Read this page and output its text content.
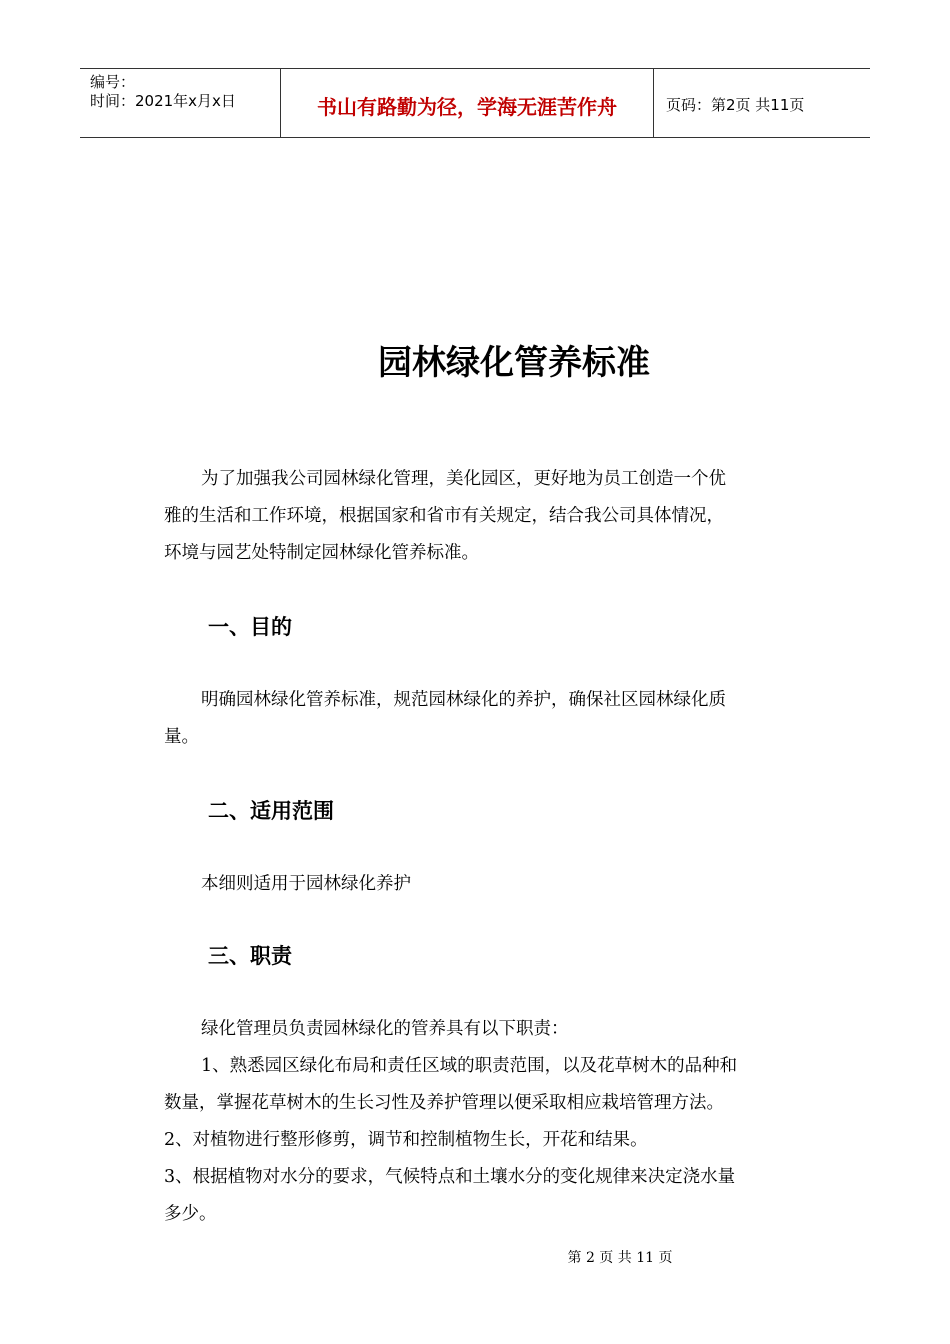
编号：
时间：2021年x月x日	书山有路勤为径，学海无涯苦作舟	页码：第2页 共11页
园林绿化管养标准
为了加强我公司园林绿化管理，美化园区，更好地为员工创造一个优
雅的生活和工作环境，根据国家和省市有关规定，结合我公司具体情况，
环境与园艺处特制定园林绿化管养标准。
一、目的
明确园林绿化管养标准，规范园林绿化的养护，确保社区园林绿化质
量。
二、适用范围
本细则适用于园林绿化养护
三、职责
绿化管理员负责园林绿化的管养具有以下职责：
1、熟悉园区绿化布局和责任区域的职责范围，以及花草树木的品种和
数量，掌握花草树木的生长习性及养护管理以便采取相应栽培管理方法。
2、对植物进行整形修剪，调节和控制植物生长，开花和结果。
3、根据植物对水分的要求，气候特点和土壤水分的变化规律来决定浇水量
多少。
第 2 页 共 11 页
